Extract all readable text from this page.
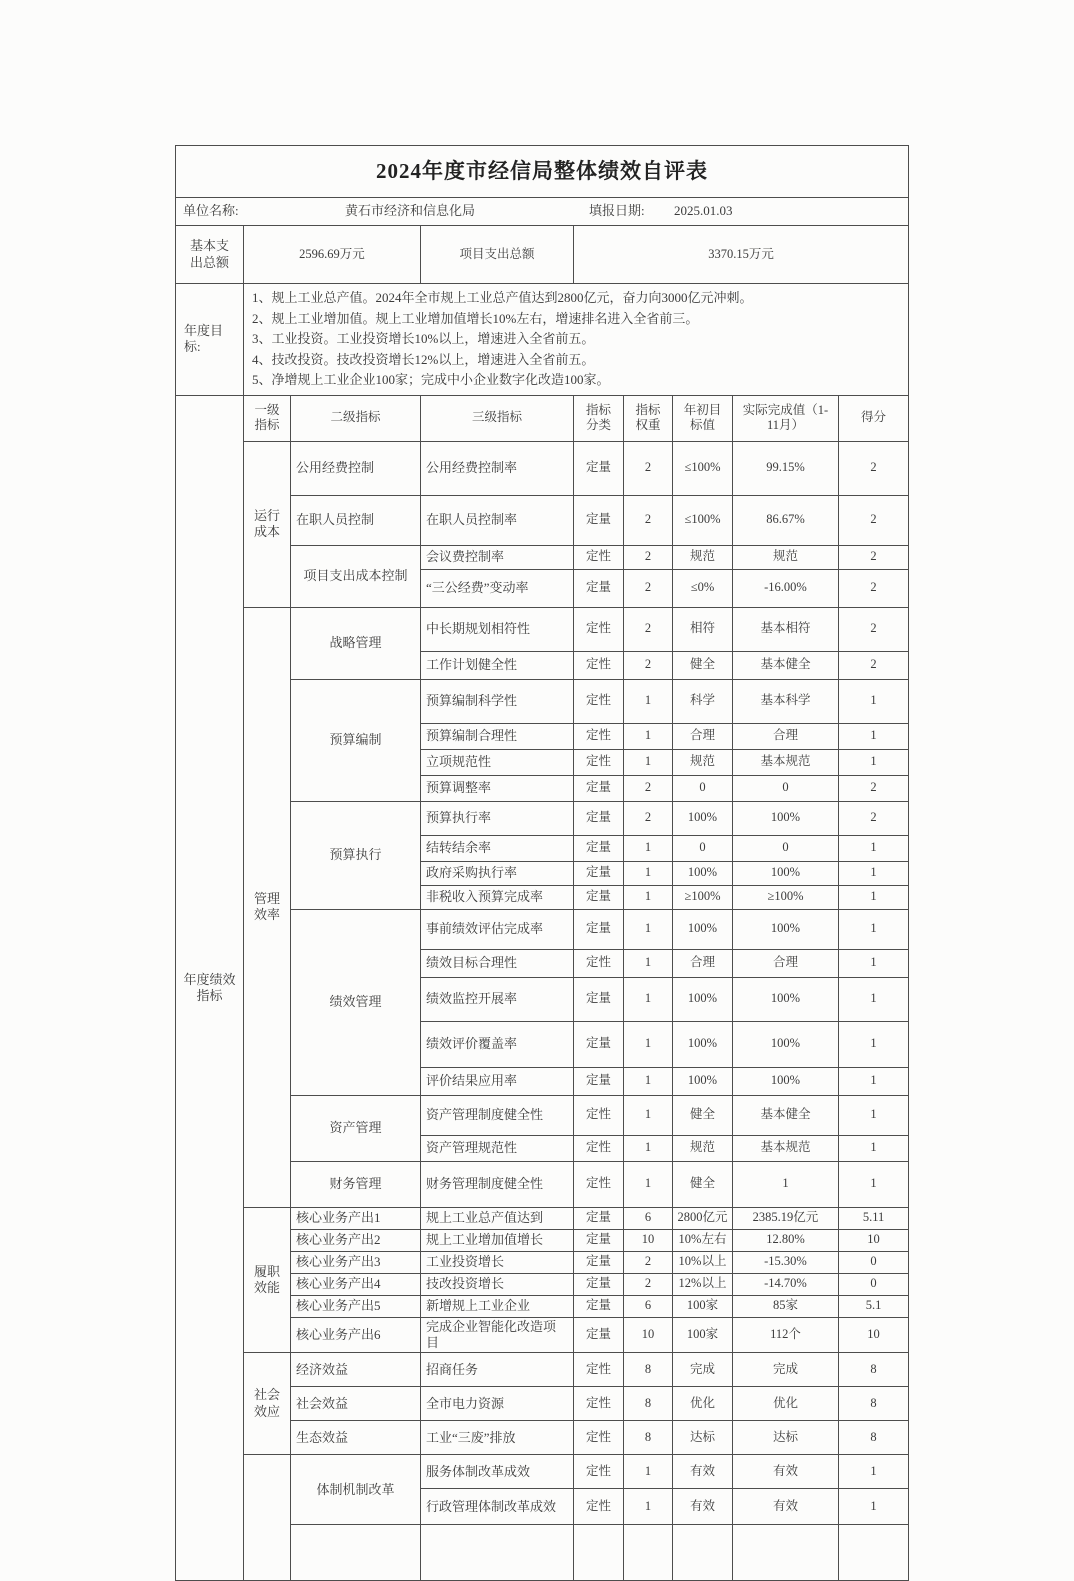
2024年度市经信局整体绩效自评表								

单位名称: 黄石市经济和信息化局 填报日期: 2025.01.03								

基本支出总额	2596.69万元		项目支出总额	3370.15万元				
年度目标:	1、规上工业总产值。2024年全市规上工业总产值达到2800亿元，奋力向3000亿元冲刺。
2、规上工业增加值。规上工业增加值增长10%左右，增速排名进入全省前三。
3、工业投资。工业投资增长10%以上，增速进入全省前五。
4、技改投资。技改投资增长12%以上，增速进入全省前五。
5、净增规上工业企业100家；完成中小企业数字化改造100家。							

年度绩效指标	一级指标	二级指标	三级指标	指标分类	指标权重	年初目标值	实际完成值（1-11月）	得分
	运行成本	公用经费控制	公用经费控制率	定量	2	≤100%	99.15%	2
		在职人员控制	在职人员控制率	定量	2	≤100%	86.67%	2
		项目支出成本控制	会议费控制率	定性	2	规范	规范	2
			“三公经费”变动率	定量	2	≤0%	-16.00%	2
	管理效率	战略管理	中长期规划相符性	定性	2	相符	基本相符	2
			工作计划健全性	定性	2	健全	基本健全	2
		预算编制	预算编制科学性	定性	1	科学	基本科学	1
			预算编制合理性	定性	1	合理	合理	1
			立项规范性	定性	1	规范	基本规范	1
			预算调整率	定量	2	0	0	2
		预算执行	预算执行率	定量	2	100%	100%	2
			结转结余率	定量	1	0	0	1
			政府采购执行率	定量	1	100%	100%	1
			非税收入预算完成率	定量	1	≥100%	≥100%	1
		绩效管理	事前绩效评估完成率	定量	1	100%	100%	1
			绩效目标合理性	定性	1	合理	合理	1
			绩效监控开展率	定量	1	100%	100%	1
			绩效评价覆盖率	定量	1	100%	100%	1
			评价结果应用率	定量	1	100%	100%	1
		资产管理	资产管理制度健全性	定性	1	健全	基本健全	1
			资产管理规范性	定性	1	规范	基本规范	1
		财务管理	财务管理制度健全性	定性	1	健全	1	1
	履职效能	核心业务产出1	规上工业总产值达到	定量	6	2800亿元	2385.19亿元	5.11
		核心业务产出2	规上工业增加值增长	定量	10	10%左右	12.80%	10
		核心业务产出3	工业投资增长	定量	2	10%以上	-15.30%	0
		核心业务产出4	技改投资增长	定量	2	12%以上	-14.70%	0
		核心业务产出5	新增规上工业企业	定量	6	100家	85家	5.1
		核心业务产出6	完成企业智能化改造项目	定量	10	100家	112个	10
	社会效应	经济效益	招商任务	定性	8	完成	完成	8
		社会效益	全市电力资源	定性	8	优化	优化	8
		生态效益	工业“三废”排放	定性	8	达标	达标	8
		体制机制改革	服务体制改革成效	定性	1	有效	有效	1
			行政管理体制改革成效	定性	1	有效	有效	1
